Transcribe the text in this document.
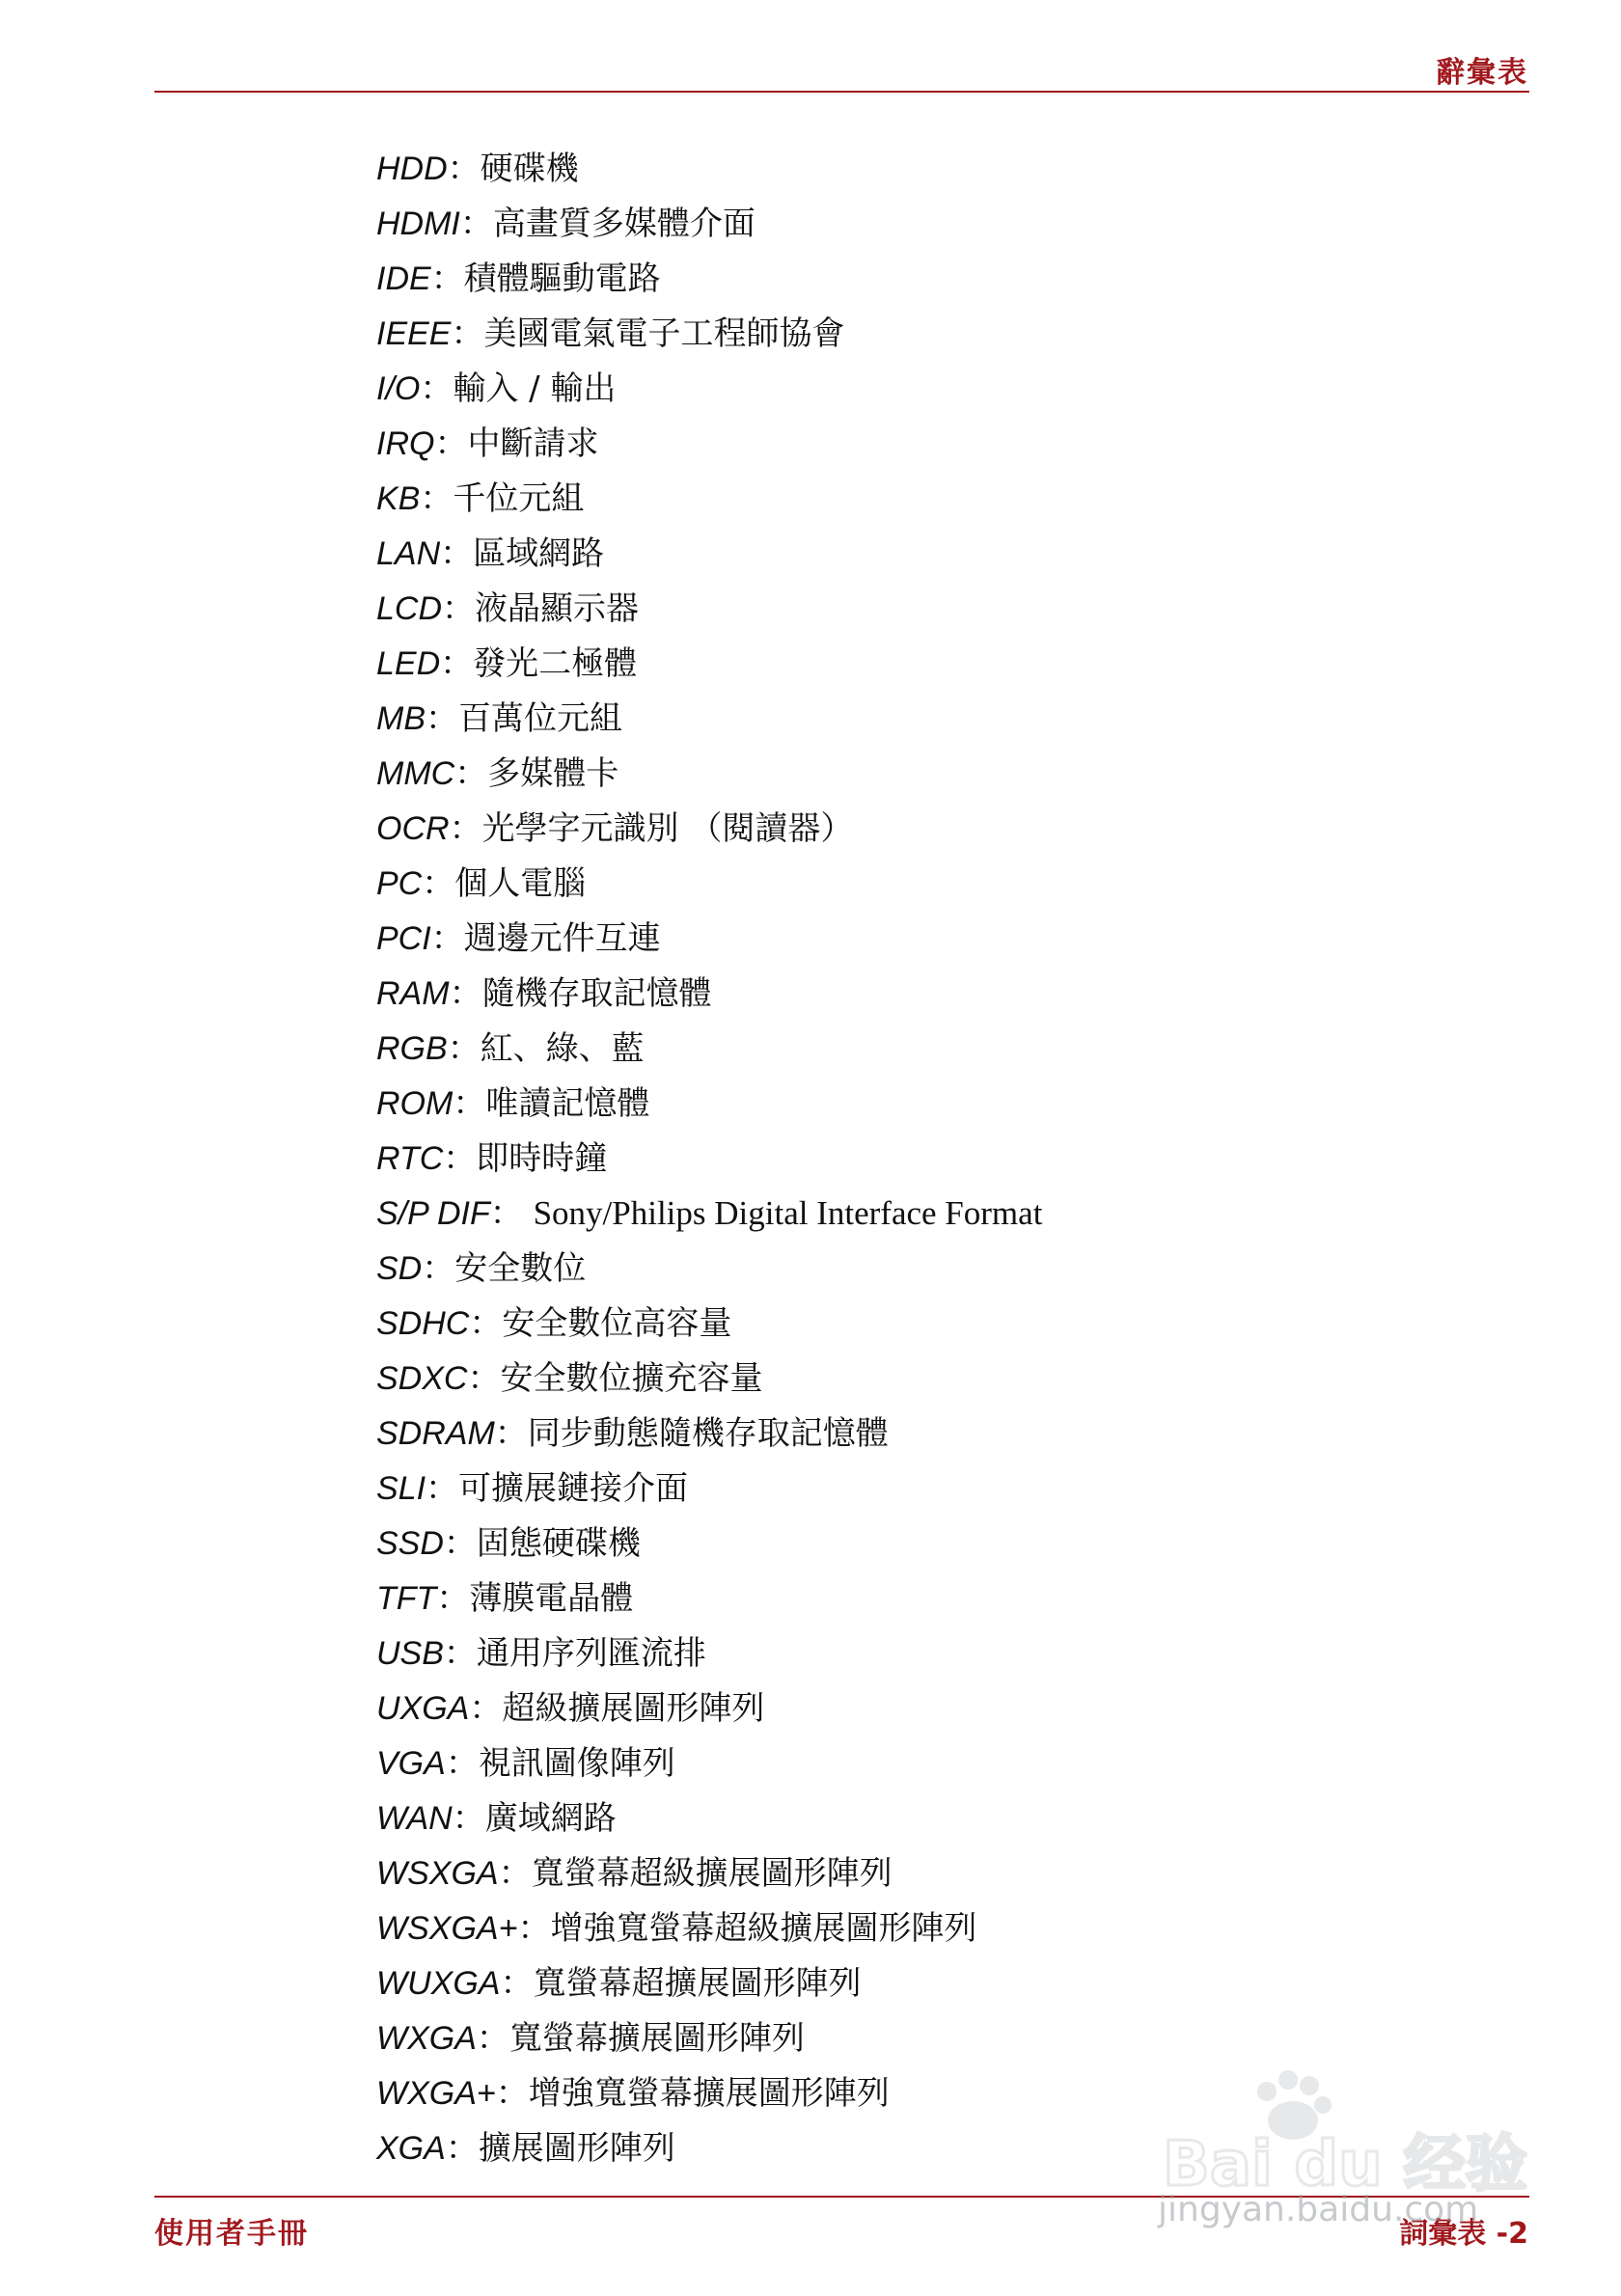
辭彙表
HDD：硬碟機
HDMI：高畫質多媒體介面
IDE：積體驅動電路
IEEE：美國電氣電子工程師協會
I/O：輸入 / 輸出
IRQ：中斷請求
KB：千位元組
LAN：區域網路
LCD：液晶顯示器
LED：發光二極體
MB：百萬位元組
MMC：多媒體卡
OCR：光學字元識別 （閱讀器）
PC：個人電腦
PCI：週邊元件互連
RAM：隨機存取記憶體
RGB：紅、綠、藍
ROM：唯讀記憶體
RTC：即時時鐘
S/P DIF： Sony/Philips Digital Interface Format
SD：安全數位
SDHC：安全數位高容量
SDXC：安全數位擴充容量
SDRAM：同步動態隨機存取記憶體
SLI：可擴展鏈接介面
SSD：固態硬碟機
TFT：薄膜電晶體
USB：通用序列匯流排
UXGA：超級擴展圖形陣列
VGA：視訊圖像陣列
WAN：廣域網路
WSXGA：寬螢幕超級擴展圖形陣列
WSXGA+：增強寬螢幕超級擴展圖形陣列
WUXGA：寬螢幕超擴展圖形陣列
WXGA：寬螢幕擴展圖形陣列
WXGA+：增強寬螢幕擴展圖形陣列
XGA：擴展圖形陣列
使用者手冊	詞彙表 -2
Bai du 经验
jingyan.baidu.com
